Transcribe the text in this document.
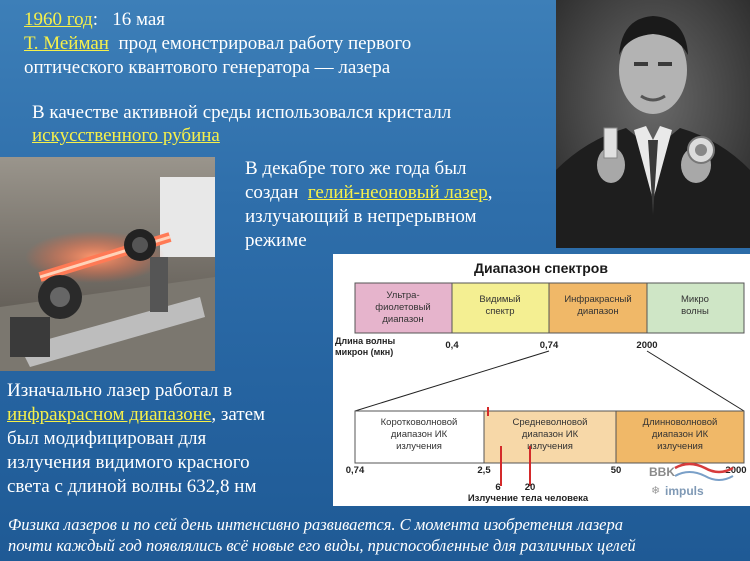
1960 год: 16 мая
Т. Мейман прод емонстрировал работу первого
оптического квантового генератора — лазера
В качестве активной среды использовался кристалл
искусственного рубина
В декабре того же года был
создан гелий-неоновый лазер,
излучающий в непрерывном
режиме
Диапазон спектров
Ультра-
фиолетовый
диапазон
Видимый
спектр
Инфракрасный
диапазон
Микро
волны
Длина волны
микрон (мкн)
0,4	0,74	2000
Коротковолновой
диапазон ИК
излучения
Средневолновой
диапазон ИК
излучения
Длинноволновой
диапазон ИК
излучения
0,74	2,5
6	20
50	2000
Излучение тела человека
BBK
❄ impuls
Изначально лазер работал в
инфракрасном диапазоне, затем
был модифицирован для
излучения видимого красного
света с длиной волны 632,8 нм
Физика лазеров и по сей день интенсивно развивается. С момента изобретения лазера
почти каждый год появлялись всё новые его виды, приспособленные для различных целей
